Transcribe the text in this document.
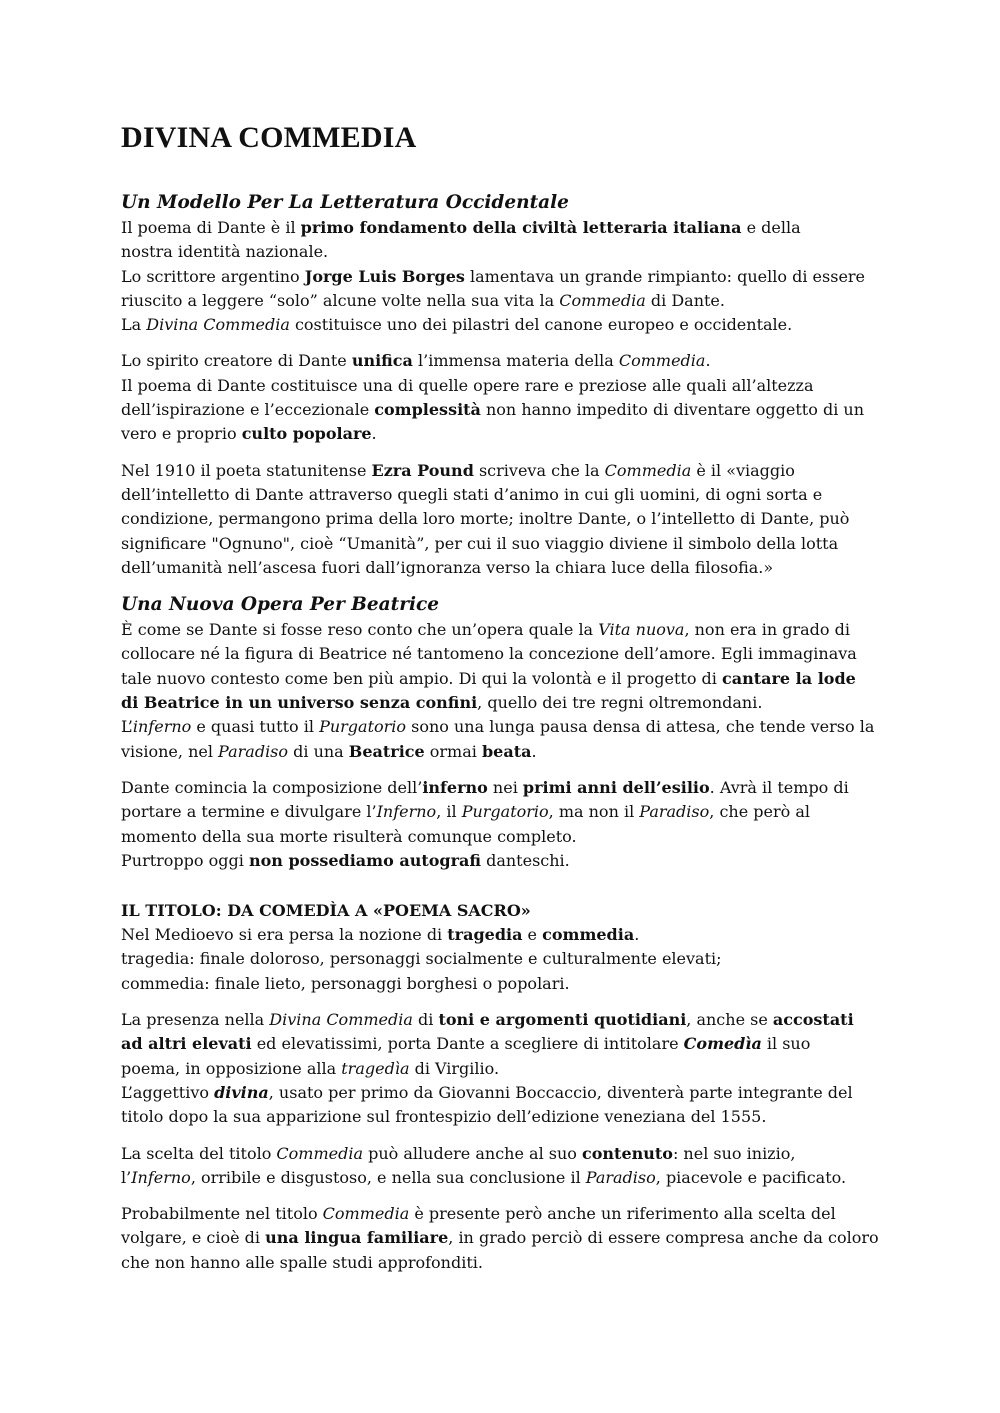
DIVINA COMMEDIA
Un Modello Per La Letteratura Occidentale

Il poema di Dante è il primo fondamento della civiltà letteraria italiana e della
nostra identità nazionale.
Lo scrittore argentino Jorge Luis Borges lamentava un grande rimpianto: quello di essere
riuscito a leggere “solo” alcune volte nella sua vita la Commedia di Dante.
La Divina Commedia costituisce uno dei pilastri del canone europeo e occidentale.

Lo spirito creatore di Dante unifica l’immensa materia della Commedia.
Il poema di Dante costituisce una di quelle opere rare e preziose alle quali all’altezza
dell’ispirazione e l’eccezionale complessità non hanno impedito di diventare oggetto di un
vero e proprio culto popolare.

Nel 1910 il poeta statunitense Ezra Pound scriveva che la Commedia è il «viaggio
dell’intelletto di Dante attraverso quegli stati d’animo in cui gli uomini, di ogni sorta e
condizione, permangono prima della loro morte; inoltre Dante, o l’intelletto di Dante, può
significare "Ognuno", cioè “Umanità”, per cui il suo viaggio diviene il simbolo della lotta
dell’umanità nell’ascesa fuori dall’ignoranza verso la chiara luce della filosofia.»

Una Nuova Opera Per Beatrice

È come se Dante si fosse reso conto che un’opera quale la Vita nuova, non era in grado di
collocare né la figura di Beatrice né tantomeno la concezione dell’amore. Egli immaginava
tale nuovo contesto come ben più ampio. Di qui la volontà e il progetto di cantare la lode
di Beatrice in un universo senza confini, quello dei tre regni oltremondani.
L’inferno e quasi tutto il Purgatorio sono una lunga pausa densa di attesa, che tende verso la
visione, nel Paradiso di una Beatrice ormai beata.

Dante comincia la composizione dell’inferno nei primi anni dell’esilio. Avrà il tempo di
portare a termine e divulgare l’Inferno, il Purgatorio, ma non il Paradiso, che però al
momento della sua morte risulterà comunque completo.
Purtroppo oggi non possediamo autografi danteschi.

IL TITOLO: DA COMEDÌA A «POEMA SACRO»

Nel Medioevo si era persa la nozione di tragedia e commedia.
tragedia: finale doloroso, personaggi socialmente e culturalmente elevati;
commedia: finale lieto, personaggi borghesi o popolari.

La presenza nella Divina Commedia di toni e argomenti quotidiani, anche se accostati
ad altri elevati ed elevatissimi, porta Dante a scegliere di intitolare Comedìa il suo
poema, in opposizione alla tragedìa di Virgilio.
L’aggettivo divina, usato per primo da Giovanni Boccaccio, diventerà parte integrante del
titolo dopo la sua apparizione sul frontespizio dell’edizione veneziana del 1555.

La scelta del titolo Commedia può alludere anche al suo contenuto: nel suo inizio,
l’Inferno, orribile e disgustoso, e nella sua conclusione il Paradiso, piacevole e pacificato.

Probabilmente nel titolo Commedia è presente però anche un riferimento alla scelta del
volgare, e cioè di una lingua familiare, in grado perciò di essere compresa anche da coloro
che non hanno alle spalle studi approfonditi.
